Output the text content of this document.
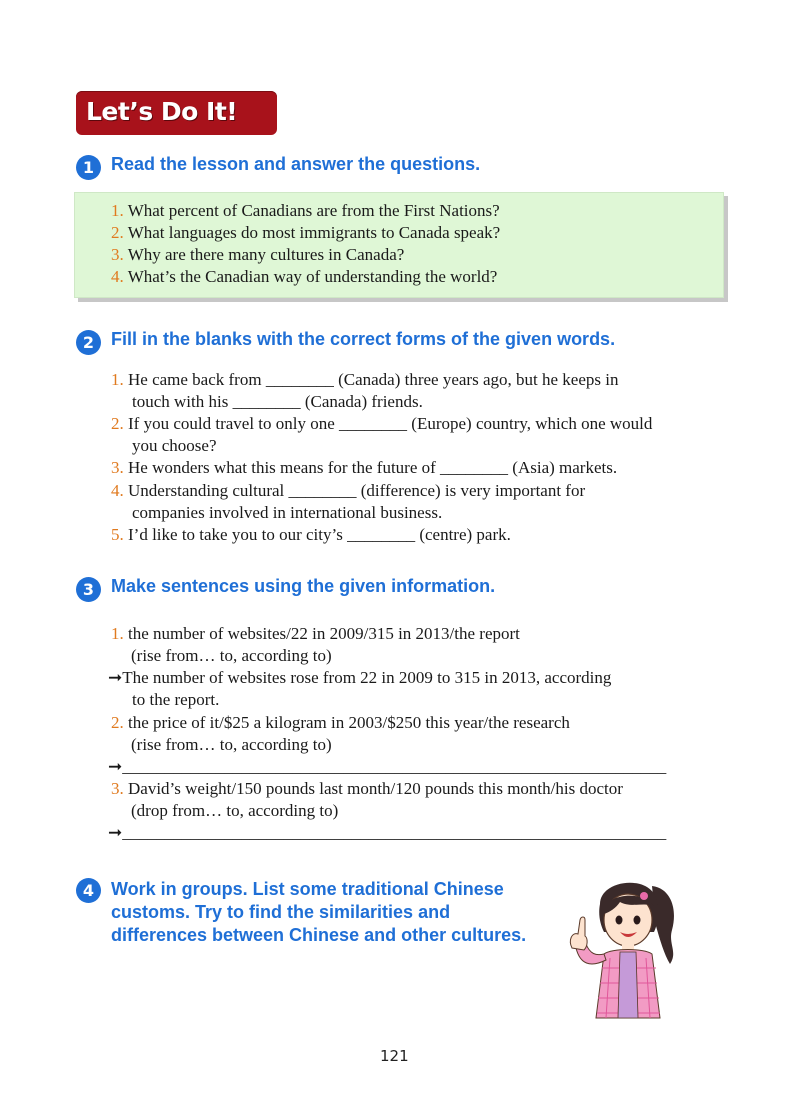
Let’s Do It!
1 Read the lesson and answer the questions.
1. What percent of Canadians are from the First Nations?
2. What languages do most immigrants to Canada speak?
3. Why are there many cultures in Canada?
4. What’s the Canadian way of understanding the world?
2 Fill in the blanks with the correct forms of the given words.
1. He came back from ________ (Canada) three years ago, but he keeps in
touch with his ________ (Canada) friends.
2. If you could travel to only one ________ (Europe) country, which one would
you choose?
3. He wonders what this means for the future of ________ (Asia) markets.
4. Understanding cultural ________ (difference) is very important for
companies involved in international business.
5. I’d like to take you to our city’s ________ (centre) park.
3 Make sentences using the given information.
1. the number of websites/22 in 2009/315 in 2013/the report
(rise from… to, according to)
➞The number of websites rose from 22 in 2009 to 315 in 2013, according
to the report.
2. the price of it/$25 a kilogram in 2003/$250 this year/the research
(rise from… to, according to)
➞________________________________________________________________
3. David’s weight/150 pounds last month/120 pounds this month/his doctor
(drop from… to, according to)
➞________________________________________________________________
4 Work in groups. List some traditional Chinese customs. Try to find the similarities and differences between Chinese and other cultures.
121
